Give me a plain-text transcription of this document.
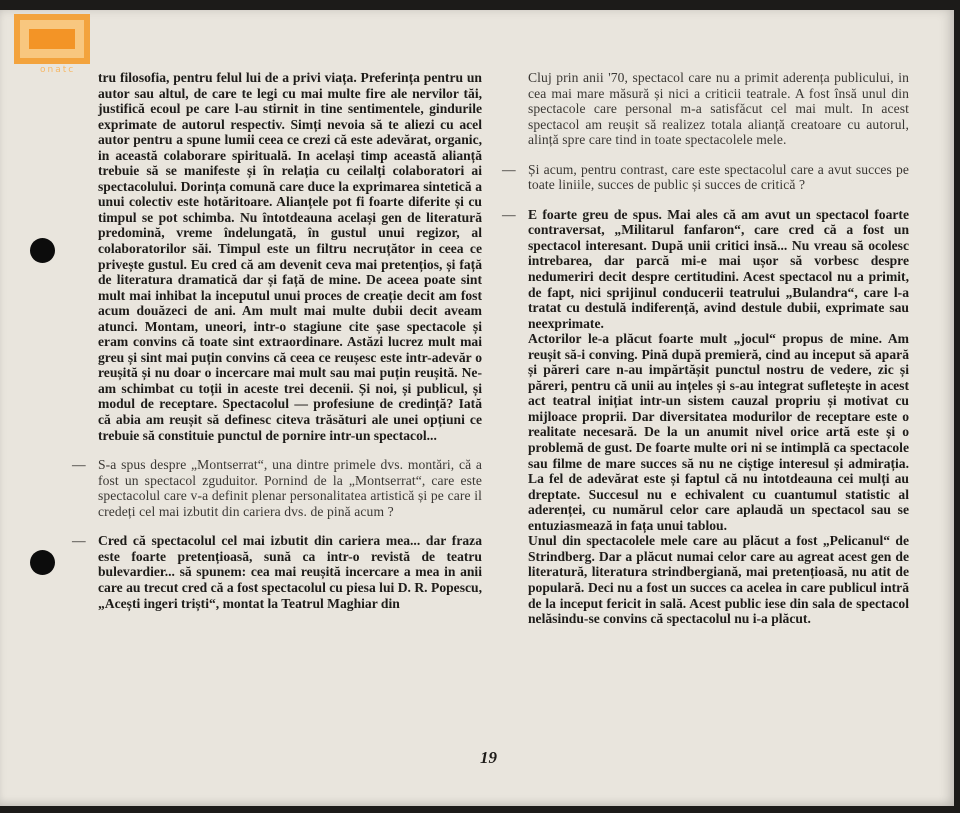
onatc tru filosofia, pentru felul lui de a privi viața. Preferința pentru un autor sau altul, de care te legi cu mai multe fire ale nervilor tăi, justifică ecoul pe care l-au stirnit in tine sentimentele, gindurile exprimate de autorul respectiv. Simți nevoia să te aliezi cu acel autor pentru a spune lumii ceea ce crezi că este adevărat, organic, in această colaborare spirituală. In același timp această alianță trebuie să se manifeste și în relația cu ceilalți colaboratori ai spectacolului. Dorința comună care duce la exprimarea sintetică a unui colectiv este hotăritoare. Alianțele pot fi foarte diferite și cu timpul se pot schimba. Nu întotdeauna același gen de literatură predomină, vreme îndelungată, în gustul unui regizor, al colaboratorilor săi. Timpul este un filtru necruțător in ceea ce privește gustul. Eu cred că am devenit ceva mai pretențios, și față de literatura dramatică dar și față de mine. De aceea poate sint mult mai inhibat la inceputul unui proces de creație decit am fost acum douăzeci de ani. Am mult mai multe dubii decit aveam atunci. Montam, uneori, intr-o stagiune cite șase spectacole și eram convins că toate sint extraordinare. Astăzi lucrez mult mai greu și sint mai puțin convins că ceea ce reușesc este intr-adevăr o reușită și nu doar o incercare mai mult sau mai puțin reușită. Ne-am schimbat cu toții in aceste trei decenii. Și noi, și publicul, și modul de receptare. Spectacolul — profesiune de credință? Iată că abia am reușit să definesc citeva trăsături ale unei opțiuni ce trebuie să constituie punctul de pornire intr-un spectacol...
— S-a spus despre „Montserrat“, una dintre primele dvs. montări, că a fost un spectacol zguduitor. Pornind de la „Montserrat“, care este spectacolul care v-a definit plenar personalitatea artistică și pe care il credeți cel mai izbutit din cariera dvs. de pină acum ?
— Cred că spectacolul cel mai izbutit din cariera mea... dar fraza este foarte pretențioasă, sună ca intr-o revistă de teatru bulevardier... să spunem: cea mai reușită incercare a mea in anii care au trecut cred că a fost spectacolul cu piesa lui D. R. Popescu, „Acești ingeri triști“, montat la Teatrul Maghiar din
Cluj prin anii '70, spectacol care nu a primit aderența publicului, in cea mai mare măsură și nici a criticii teatrale. A fost însă unul din spectacole care personal m-a satisfăcut cel mai mult. In acest spectacol am reușit să realizez totala alianță creatoare cu autorul, alință spre care tind in toate spectacolele mele.
— Și acum, pentru contrast, care este spectacolul care a avut succes pe toate liniile, succes de public și succes de critică ?
— E foarte greu de spus. Mai ales că am avut un spectacol foarte contraversat, „Militarul fanfaron“, care cred că a fost un spectacol interesant. După unii critici insă... Nu vreau să ocolesc intrebarea, dar parcă mi-e mai ușor să vorbesc despre nedumeriri decit despre certitudini. Acest spectacol nu a primit, de fapt, nici sprijinul conducerii teatrului „Bulandra“, care l-a tratat cu destulă indiferență, avind destule dubii, exprimate sau neexprimate.
Actorilor le-a plăcut foarte mult „jocul“ propus de mine. Am reușit să-i conving. Pină după premieră, cind au inceput să apară și păreri care n-au impărtășit punctul nostru de vedere, zic și păreri, pentru că unii au ințeles și s-au integrat sufletește in acest act teatral inițiat intr-un sistem cauzal propriu și motivat cu mijloace proprii. Dar diversitatea modurilor de receptare este o realitate necesară. De la un anumit nivel orice artă este și o problemă de gust. De foarte multe ori ni se intimplă ca spectacole sau filme de mare succes să nu ne ciștige interesul și admirația. La fel de adevărat este și faptul că nu intotdeauna cei mulți au dreptate. Succesul nu e echivalent cu cuantumul statistic al aderenței, cu numărul celor care aplaudă un spectacol sau se entuziasmează in fața unui tablou.
Unul din spectacolele mele care au plăcut a fost „Pelicanul“ de Strindberg. Dar a plăcut numai celor care au agreat acest gen de literatură, literatura strindbergiană, mai pretențioasă, nu atit de populară. Deci nu a fost un succes ca acelea in care publicul intră de la inceput fericit in sală. Acest public iese din sala de spectacol nelăsindu-se convins că spectacolul nu i-a plăcut.
19
